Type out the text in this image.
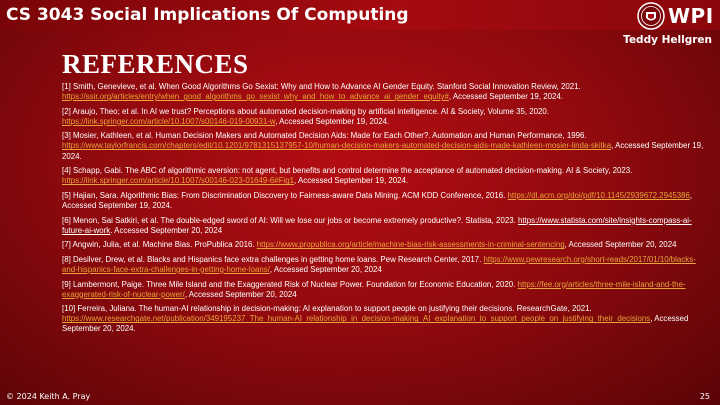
CS 3043 Social Implications Of Computing	WPI
Teddy Hellgren
REFERENCES
[1] Smith, Genevieve, et al. When Good Algorithms Go Sexist: Why and How to Advance AI Gender Equity. Stanford Social Innovation Review, 2021. https://ssir.org/articles/entry/when_good_algorithms_go_sexist_why_and_how_to_advance_ai_gender_equity#, Accessed September 19, 2024.
[2] Araujo, Theo; et al. In AI we trust? Perceptions about automated decision-making by artificial intelligence. AI & Society, Volume 35, 2020. https://link.springer.com/article/10.1007/s00146-019-00931-w, Accessed September 19, 2024.
[3] Mosier, Kathleen, et al. Human Decision Makers and Automated Decision Aids: Made for Each Other?. Automation and Human Performance, 1996. https://www.taylorfrancis.com/chapters/edit/10.1201/9781315137957-10/human-decision-makers-automated-decision-aids-made-kathleen-mosier-linda-skitka, Accessed September 19, 2024.
[4] Schapp, Gabi. The ABC of algorithmic aversion: not agent, but benefits and control determine the acceptance of automated decision-making. AI & Society, 2023. https://link.springer.com/article/10.1007/s00146-023-01649-6#Fig1, Accessed September 19, 2024.
[5] Hajian, Sara. Algorithmic Bias: From Discrimination Discovery to Fairness-aware Data Mining. ACM KDD Conference, 2016. https://dl.acm.org/doi/pdf/10.1145/2939672.2945386, Accessed September 19, 2024.
[6] Menon, Sai Satkiri, et al. The double-edged sword of AI: Will we lose our jobs or become extremely productive?. Statista, 2023. https://www.statista.com/site/insights-compass-ai-future-ai-work. Accessed September 20, 2024
[7] Angwin, Julia, et al. Machine Bias. ProPublica 2016. https://www.propublica.org/article/machine-bias-risk-assessments-in-criminal-sentencing, Accessed September 20, 2024
[8] Desilver, Drew, et al. Blacks and Hispanics face extra challenges in getting home loans. Pew Research Center, 2017. https://www.pewresearch.org/short-reads/2017/01/10/blacks-and-hispanics-face-extra-challenges-in-getting-home-loans/, Accessed September 20, 2024
[9] Lambermont, Paige. Three Mile Island and the Exaggerated Risk of Nuclear Power. Foundation for Economic Education, 2020. https://fee.org/articles/three-mile-island-and-the-exaggerated-risk-of-nuclear-power/, Accessed September 20, 2024
[10] Ferreira, Juliana. The human-AI relationship in decision-making: AI explanation to support people on justifying their decisions. ResearchGate, 2021. https://www.researchgate.net/publication/349195237_The_human-AI_relationship_in_decision-making_AI_explanation_to_support_people_on_justifying_their_decisions, Accessed September 20, 2024.
© 2024 Keith A. Pray	25
